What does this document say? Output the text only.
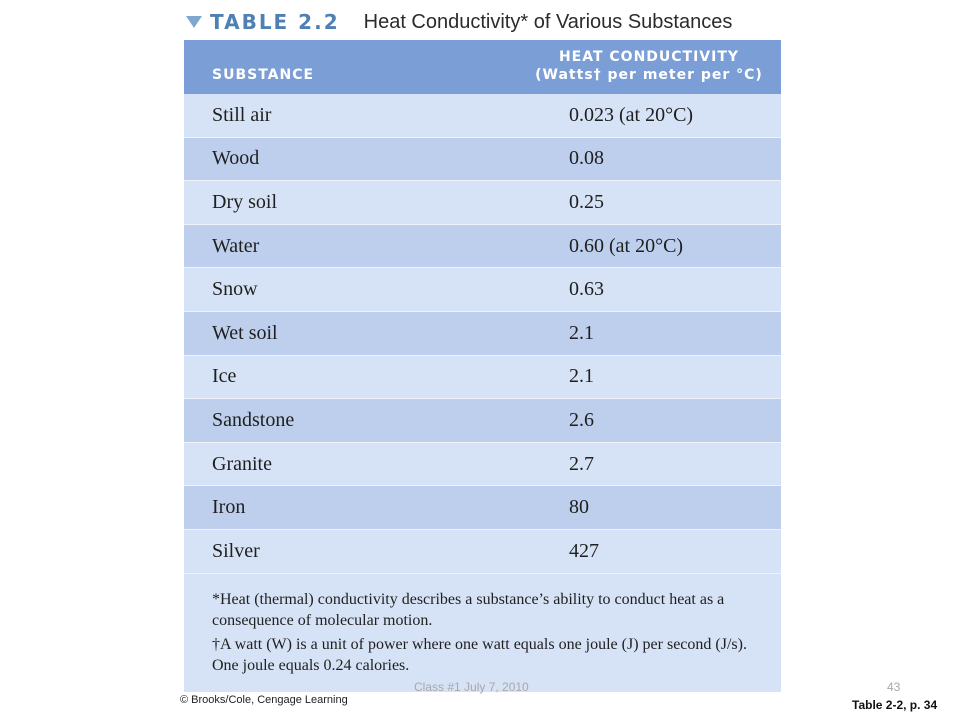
TABLE 2.2 Heat Conductivity* of Various Substances
SUBSTANCE
HEAT CONDUCTIVITY
(Watts† per meter per °C)
Still air	0.023 (at 20°C)
Wood	0.08
Dry soil	0.25
Water	0.60 (at 20°C)
Snow	0.63
Wet soil	2.1
Ice	2.1
Sandstone	2.6
Granite	2.7
Iron	80
Silver	427

*Heat (thermal) conductivity describes a substance’s ability to conduct heat as a consequence of molecular motion.

†A watt (W) is a unit of power where one watt equals one joule (J) per second (J/s). One joule equals 0.24 calories.

© Brooks/Cole, Cengage Learning
Class #1 July 7, 2010	43
Table 2-2, p. 34
